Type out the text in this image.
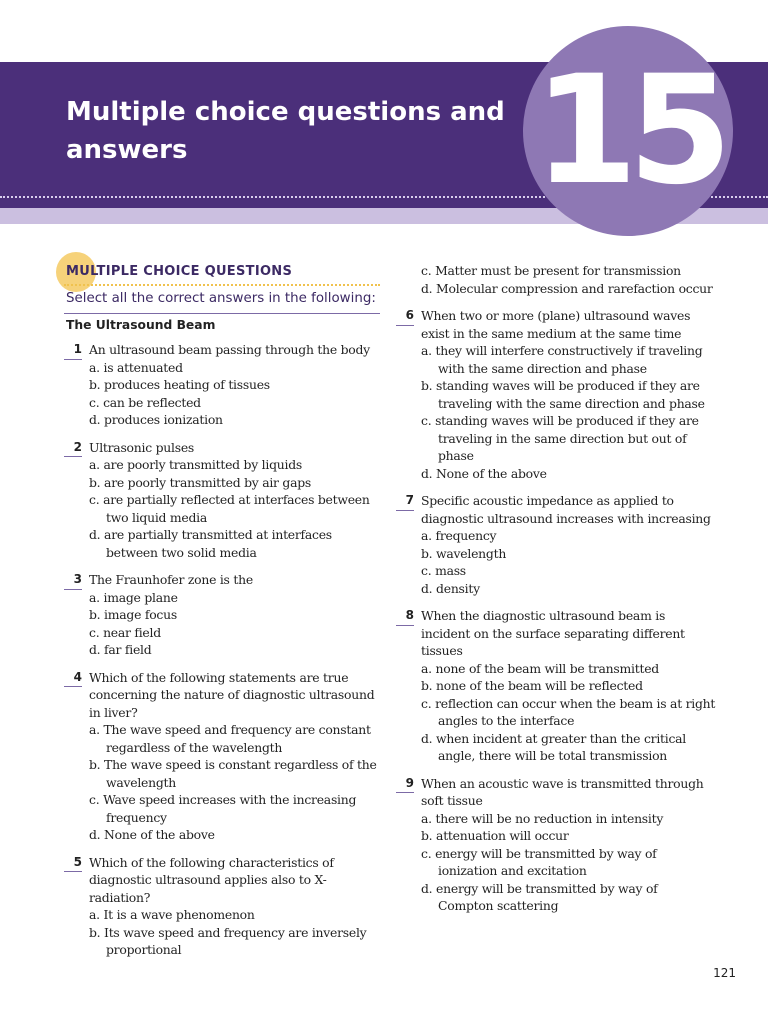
15
Multiple choice questions and answers
MULTIPLE CHOICE QUESTIONS

Select all the correct answers in the following:

The Ultrasound Beam
1 An ultrasound beam passing through the body
a. is attenuated
b. produces heating of tissues
c. can be reflected
d. produces ionization
2 Ultrasonic pulses
a. are poorly transmitted by liquids
b. are poorly transmitted by air gaps
c. are partially reflected at interfaces between two liquid media
d. are partially transmitted at interfaces between two solid media
3 The Fraunhofer zone is the
a. image plane
b. image focus
c. near field
d. far field
4 Which of the following statements are true concerning the nature of diagnostic ultrasound in liver?
a. The wave speed and frequency are constant regardless of the wavelength
b. The wave speed is constant regardless of the wavelength
c. Wave speed increases with the increasing frequency
d. None of the above
5 Which of the following characteristics of diagnostic ultrasound applies also to X-radiation?
a. It is a wave phenomenon
b. Its wave speed and frequency are inversely proportional
c. Matter must be present for transmission
d. Molecular compression and rarefaction occur
6 When two or more (plane) ultrasound waves exist in the same medium at the same time
a. they will interfere constructively if traveling with the same direction and phase
b. standing waves will be produced if they are traveling with the same direction and phase
c. standing waves will be produced if they are traveling in the same direction but out of phase
d. None of the above
7 Specific acoustic impedance as applied to diagnostic ultrasound increases with increasing
a. frequency
b. wavelength
c. mass
d. density
8 When the diagnostic ultrasound beam is incident on the surface separating different tissues
a. none of the beam will be transmitted
b. none of the beam will be reflected
c. reflection can occur when the beam is at right angles to the interface
d. when incident at greater than the critical angle, there will be total transmission
9 When an acoustic wave is transmitted through soft tissue
a. there will be no reduction in intensity
b. attenuation will occur
c. energy will be transmitted by way of ionization and excitation
d. energy will be transmitted by way of Compton scattering
121
